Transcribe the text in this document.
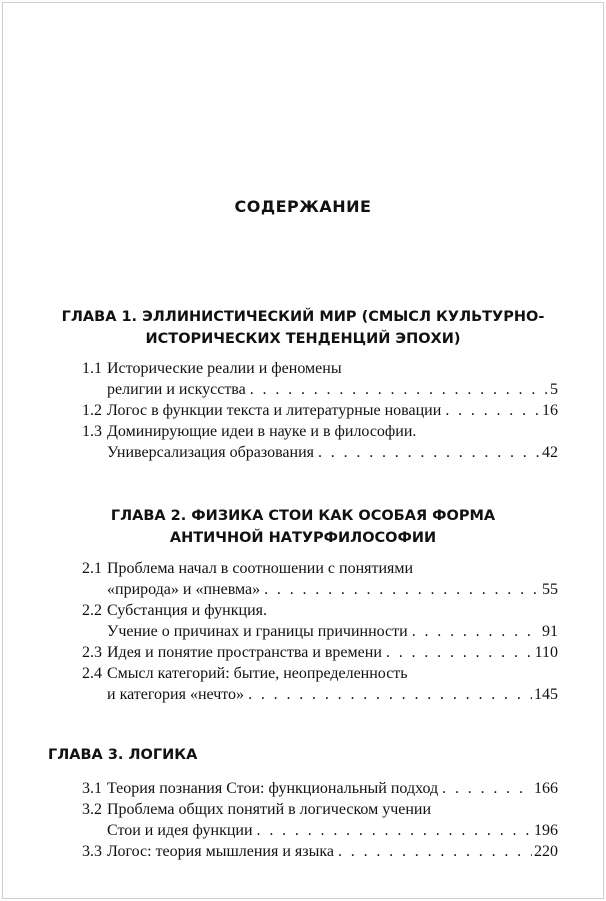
СОДЕРЖАНИЕ
ГЛАВА 1. ЭЛЛИНИСТИЧЕСКИЙ МИР (СМЫСЛ КУЛЬТУРНО-
ИСТОРИЧЕСКИХ ТЕНДЕНЦИЙ ЭПОХИ)
1.1 Исторические реалии и феномены
религии и искусства . . .	5
1.2 Логос в функции текста и литературные новации . . .	16
1.3 Доминирующие идеи в науке и в философии.
Универсализация образования . . .	42
ГЛАВА 2. ФИЗИКА СТОИ КАК ОСОБАЯ ФОРМА
АНТИЧНОЙ НАТУРФИЛОСОФИИ
2.1 Проблема начал в соотношении с понятиями
«природа» и «пневма» . . .	55
2.2 Субстанция и функция.
Учение о причинах и границы причинности . . .	91
2.3 Идея и понятие пространства и времени . . .	110
2.4 Смысл категорий: бытие, неопределенность
и категория «нечто» . . .	145
ГЛАВА 3. ЛОГИКА
3.1 Теория познания Стои: функциональный подход . . .	166
3.2 Проблема общих понятий в логическом учении
Стои и идея функции . . .	196
3.3 Логос: теория мышления и языка . . .	220
